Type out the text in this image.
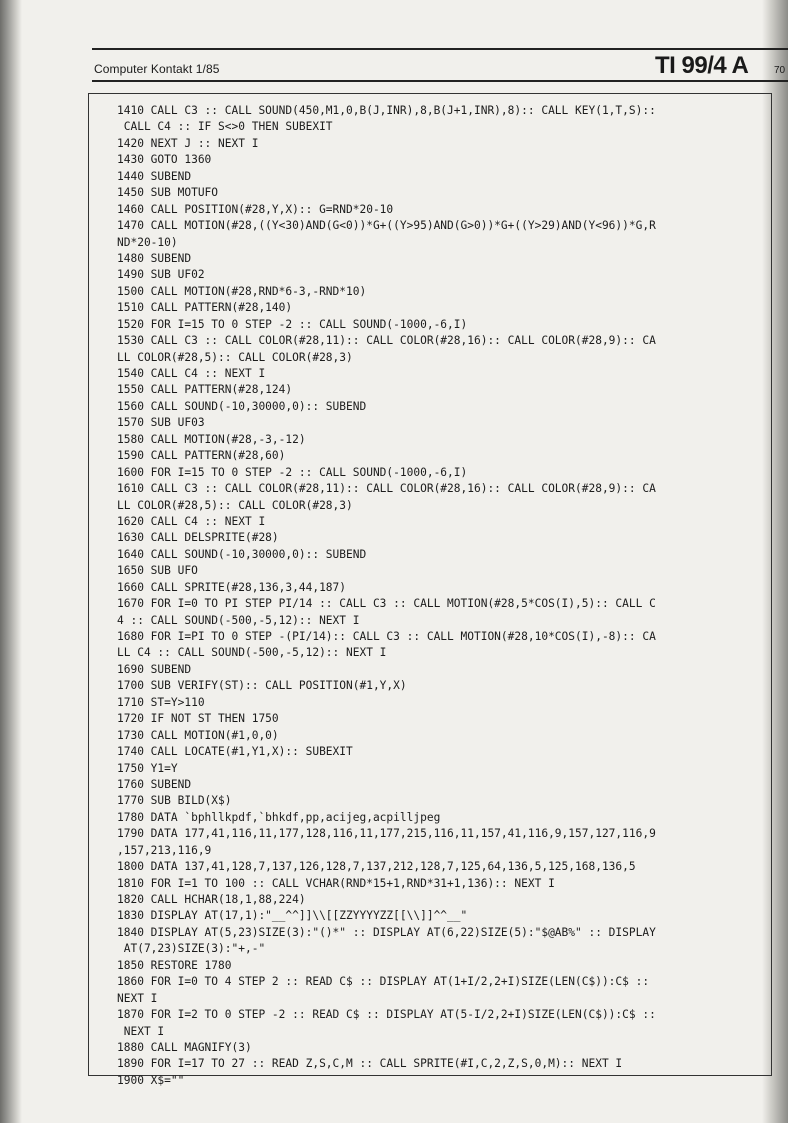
Computer Kontakt 1/85	TI 99/4 A	70
1410 CALL C3 :: CALL SOUND(450,M1,0,B(J,INR),8,B(J+1,INR),8):: CALL KEY(1,T,S)::
CALL C4 :: IF S<>0 THEN SUBEXIT
1420 NEXT J :: NEXT I
1430 GOTO 1360
1440 SUBEND
1450 SUB MOTUFO
1460 CALL POSITION(#28,Y,X):: G=RND*20-10
1470 CALL MOTION(#28,((Y<30)AND(G<0))*G+((Y>95)AND(G>0))*G+((Y>29)AND(Y<96))*G,R
ND*20-10)
1480 SUBEND
1490 SUB UF02
1500 CALL MOTION(#28,RND*6-3,-RND*10)
1510 CALL PATTERN(#28,140)
1520 FOR I=15 TO 0 STEP -2 :: CALL SOUND(-1000,-6,I)
1530 CALL C3 :: CALL COLOR(#28,11):: CALL COLOR(#28,16):: CALL COLOR(#28,9):: CA
LL COLOR(#28,5):: CALL COLOR(#28,3)
1540 CALL C4 :: NEXT I
1550 CALL PATTERN(#28,124)
1560 CALL SOUND(-10,30000,0):: SUBEND
1570 SUB UF03
1580 CALL MOTION(#28,-3,-12)
1590 CALL PATTERN(#28,60)
1600 FOR I=15 TO 0 STEP -2 :: CALL SOUND(-1000,-6,I)
1610 CALL C3 :: CALL COLOR(#28,11):: CALL COLOR(#28,16):: CALL COLOR(#28,9):: CA
LL COLOR(#28,5):: CALL COLOR(#28,3)
1620 CALL C4 :: NEXT I
1630 CALL DELSPRITE(#28)
1640 CALL SOUND(-10,30000,0):: SUBEND
1650 SUB UFO
1660 CALL SPRITE(#28,136,3,44,187)
1670 FOR I=0 TO PI STEP PI/14 :: CALL C3 :: CALL MOTION(#28,5*COS(I),5):: CALL C
4 :: CALL SOUND(-500,-5,12):: NEXT I
1680 FOR I=PI TO 0 STEP -(PI/14):: CALL C3 :: CALL MOTION(#28,10*COS(I),-8):: CA
LL C4 :: CALL SOUND(-500,-5,12):: NEXT I
1690 SUBEND
1700 SUB VERIFY(ST):: CALL POSITION(#1,Y,X)
1710 ST=Y>110
1720 IF NOT ST THEN 1750
1730 CALL MOTION(#1,0,0)
1740 CALL LOCATE(#1,Y1,X):: SUBEXIT
1750 Y1=Y
1760 SUBEND
1770 SUB BILD(X$)
1780 DATA `bphllkpdf,`bhkdf,pp,acijeg,acpilljpeg
1790 DATA 177,41,116,11,177,128,116,11,177,215,116,11,157,41,116,9,157,127,116,9
,157,213,116,9
1800 DATA 137,41,128,7,137,126,128,7,137,212,128,7,125,64,136,5,125,168,136,5
1810 FOR I=1 TO 100 :: CALL VCHAR(RND*15+1,RND*31+1,136):: NEXT I
1820 CALL HCHAR(18,1,88,224)
1830 DISPLAY AT(17,1):"__^^]]\\[[ZZYYYYZZ[[\\]]^^__"
1840 DISPLAY AT(5,23)SIZE(3):"()*" :: DISPLAY AT(6,22)SIZE(5):"$@AB%" :: DISPLAY
AT(7,23)SIZE(3):"+,-"
1850 RESTORE 1780
1860 FOR I=0 TO 4 STEP 2 :: READ C$ :: DISPLAY AT(1+I/2,2+I)SIZE(LEN(C$)):C$ ::
NEXT I
1870 FOR I=2 TO 0 STEP -2 :: READ C$ :: DISPLAY AT(5-I/2,2+I)SIZE(LEN(C$)):C$ ::
NEXT I
1880 CALL MAGNIFY(3)
1890 FOR I=17 TO 27 :: READ Z,S,C,M :: CALL SPRITE(#I,C,2,Z,S,0,M):: NEXT I
1900 X$=""
